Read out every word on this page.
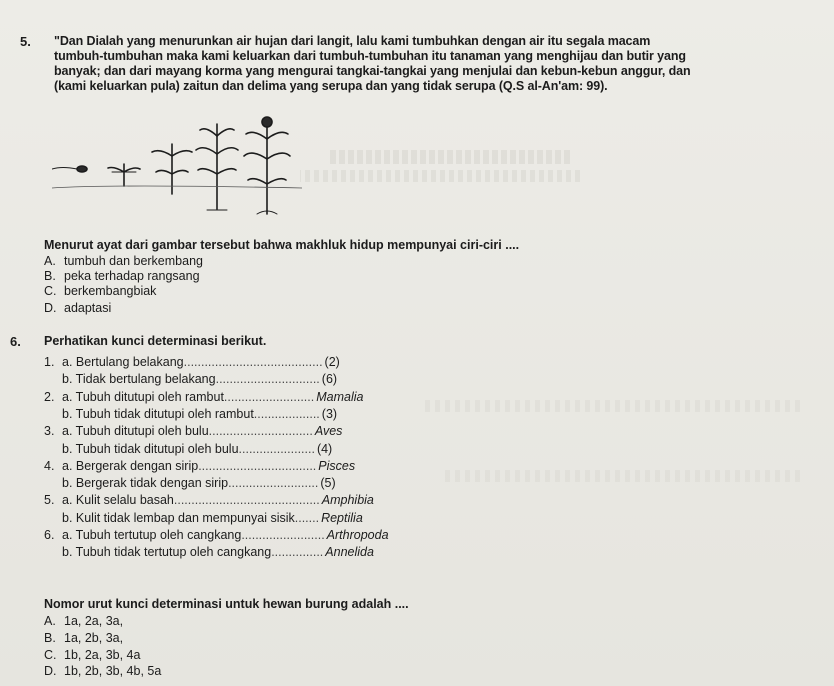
5. "Dan Dialah yang menurunkan air hujan dari langit, lalu kami tumbuhkan dengan air itu segala macam
tumbuh-tumbuhan maka kami keluarkan dari tumbuh-tumbuhan itu tanaman yang menghijau dan butir yang
banyak; dan dari mayang korma yang mengurai tangkai-tangkai yang menjulai dan kebun-kebun anggur, dan
(kami keluarkan pula) zaitun dan delima yang serupa dan yang tidak serupa (Q.S al-An'am: 99).
Menurut ayat dari gambar tersebut bahwa makhluk hidup mempunyai ciri-ciri ....
A. tumbuh dan berkembang
B. peka terhadap rangsang
C. berkembangbiak
D. adaptasi
6. Perhatikan kunci determinasi berikut.
1. a. Bertulang belakang........................................ (2)
b. Tidak bertulang belakang.............................. (6)
2. a. Tubuh ditutupi oleh rambut.......................... Mamalia
b. Tubuh tidak ditutupi oleh rambut................... (3)
3. a. Tubuh ditutupi oleh bulu.............................. Aves
b. Tubuh tidak ditutupi oleh bulu...................... (4)
4. a. Bergerak dengan sirip.................................. Pisces
b. Bergerak tidak dengan sirip.......................... (5)
5. a. Kulit selalu basah.......................................... Amphibia
b. Kulit tidak lembap dan mempunyai sisik....... Reptilia
6. a. Tubuh tertutup oleh cangkang........................ Arthropoda
b. Tubuh tidak tertutup oleh cangkang............... Annelida
Nomor urut kunci determinasi untuk hewan burung adalah ....
A. 1a, 2a, 3a,
B. 1a, 2b, 3a,
C. 1b, 2a, 3b, 4a
D. 1b, 2b, 3b, 4b, 5a
